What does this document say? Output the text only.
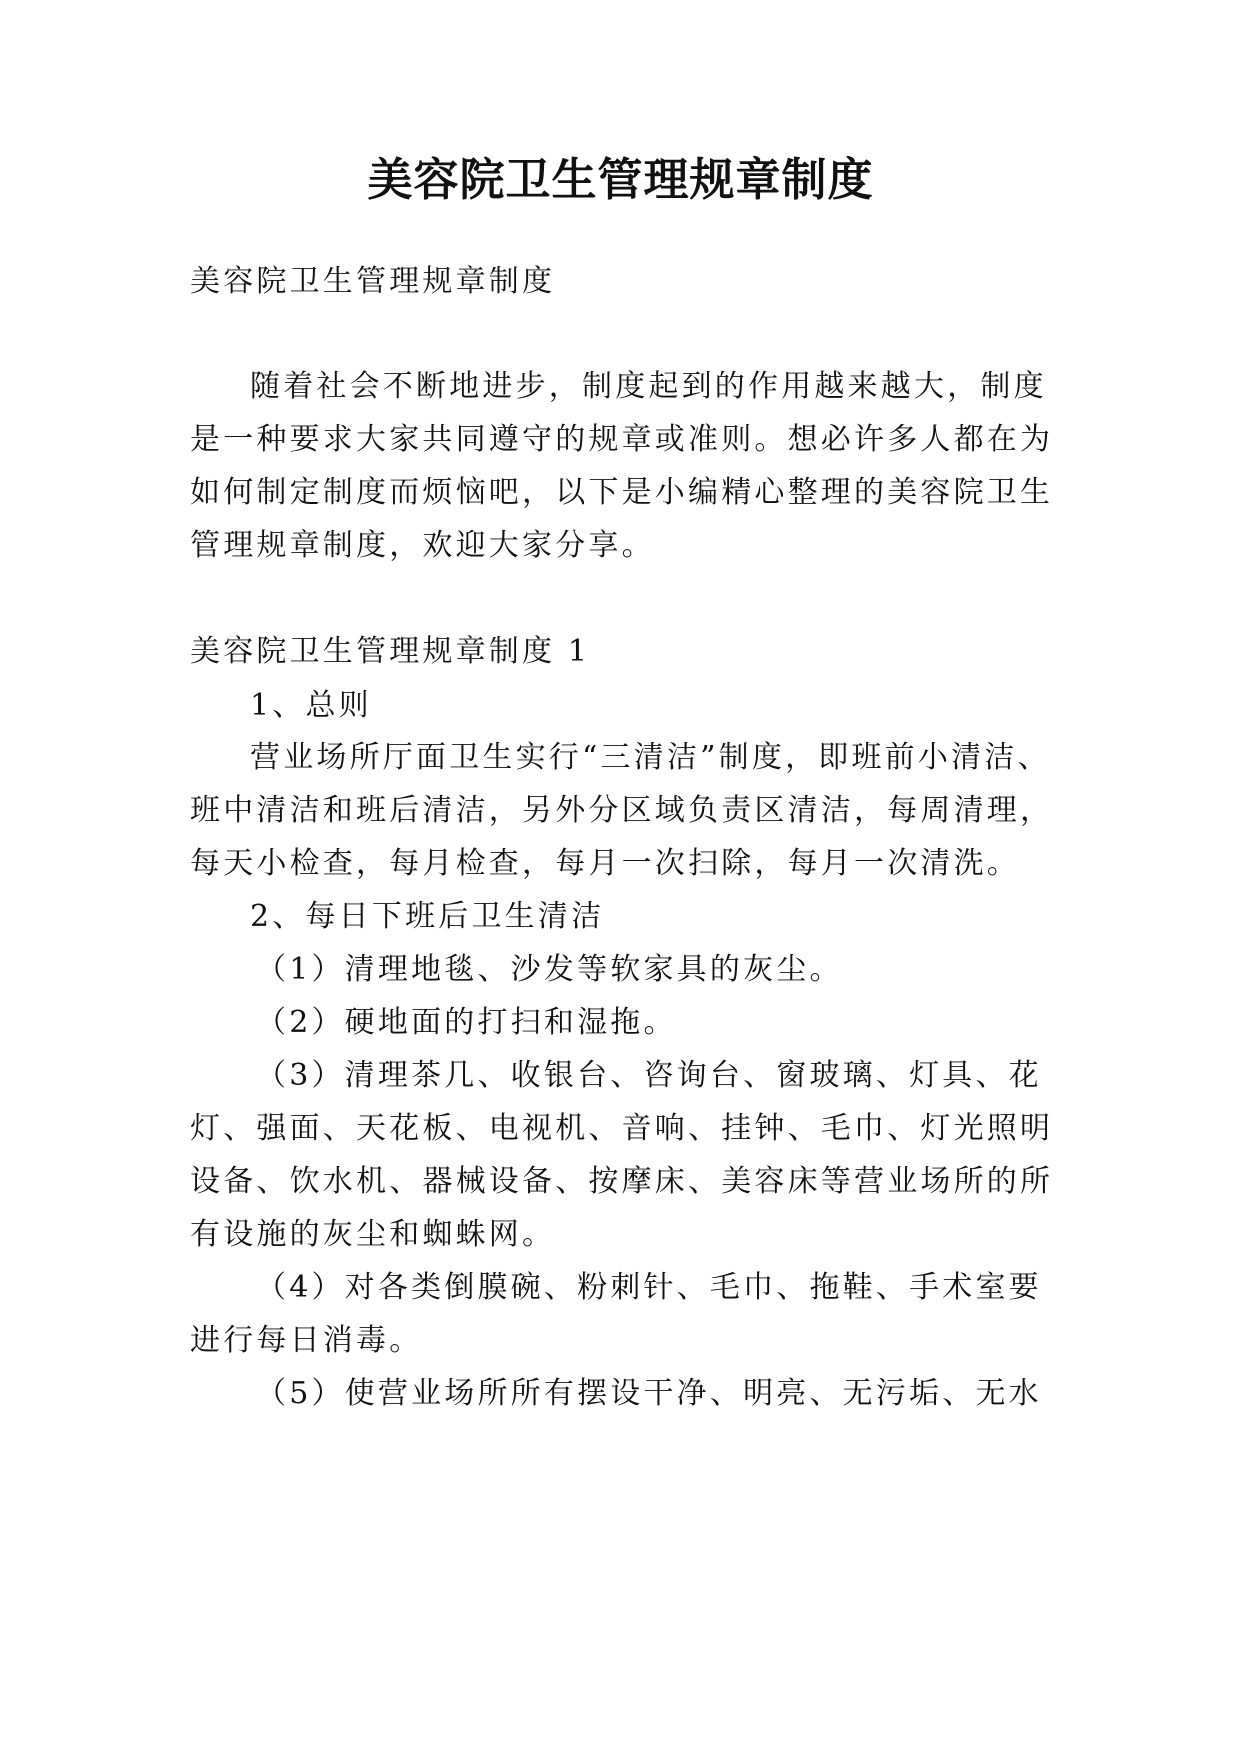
美容院卫生管理规章制度
美容院卫生管理规章制度
随着社会不断地进步，制度起到的作用越来越大，制度
是一种要求大家共同遵守的规章或准则。想必许多人都在为
如何制定制度而烦恼吧，以下是小编精心整理的美容院卫生
管理规章制度，欢迎大家分享。
美容院卫生管理规章制度 1
1、总则
营业场所厅面卫生实行“三清洁”制度，即班前小清洁、
班中清洁和班后清洁，另外分区域负责区清洁，每周清理，
每天小检查，每月检查，每月一次扫除，每月一次清洗。
2、每日下班后卫生清洁
（1）清理地毯、沙发等软家具的灰尘。
（2）硬地面的打扫和湿拖。
（3）清理茶几、收银台、咨询台、窗玻璃、灯具、花
灯、强面、天花板、电视机、音响、挂钟、毛巾、灯光照明
设备、饮水机、器械设备、按摩床、美容床等营业场所的所
有设施的灰尘和蜘蛛网。
（4）对各类倒膜碗、粉刺针、毛巾、拖鞋、手术室要
进行每日消毒。
（5）使营业场所所有摆设干净、明亮、无污垢、无水
